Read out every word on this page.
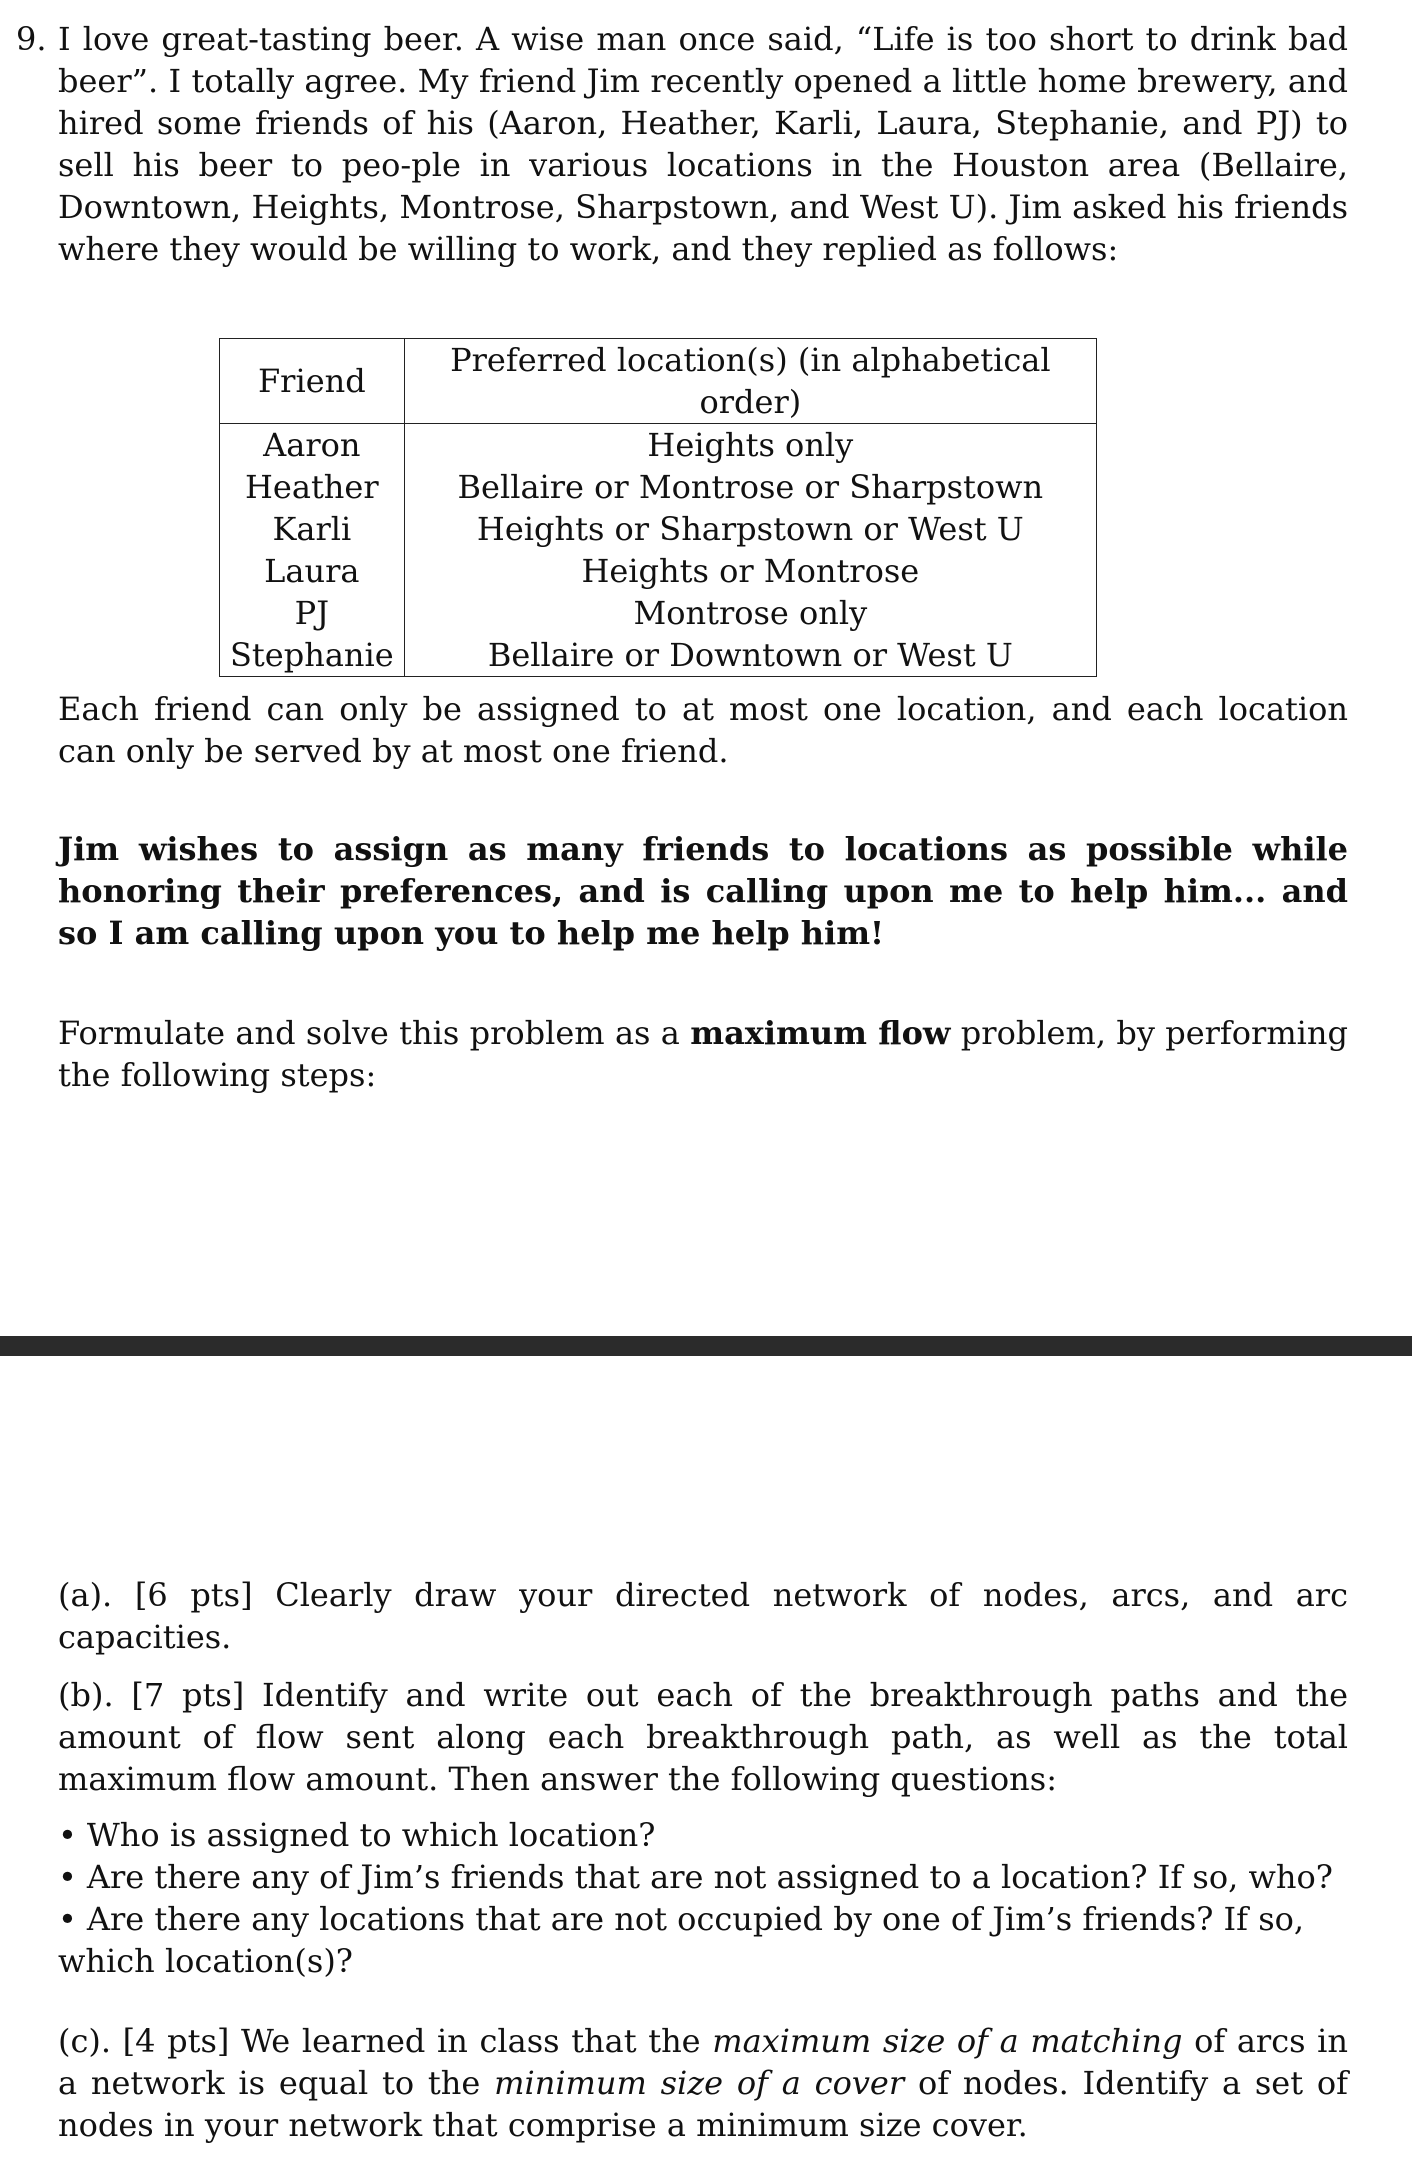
9. I love great-tasting beer. A wise man once said, “Life is too short to drink bad beer”. I totally agree. My friend Jim recently opened a little home brewery, and hired some friends of his (Aaron, Heather, Karli, Laura, Stephanie, and PJ) to sell his beer to peo-ple in various locations in the Houston area (Bellaire, Downtown, Heights, Montrose, Sharpstown, and West U). Jim asked his friends where they would be willing to work, and they replied as follows:

Friend	Preferred location(s) (in alphabetical order)
Aaron	Heights only
Heather	Bellaire or Montrose or Sharpstown
Karli	Heights or Sharpstown or West U
Laura	Heights or Montrose
PJ	Montrose only
Stephanie	Bellaire or Downtown or West U

Each friend can only be assigned to at most one location, and each location can only be served by at most one friend.

Jim wishes to assign as many friends to locations as possible while honoring their preferences, and is calling upon me to help him... and so I am calling upon you to help me help him!

Formulate and solve this problem as a maximum flow problem, by performing the following steps:

(a). [6 pts] Clearly draw your directed network of nodes, arcs, and arc capacities.

(b). [7 pts] Identify and write out each of the breakthrough paths and the amount of flow sent along each breakthrough path, as well as the total maximum flow amount. Then answer the following questions:

• Who is assigned to which location?
• Are there any of Jim’s friends that are not assigned to a location? If so, who?
• Are there any locations that are not occupied by one of Jim’s friends? If so, which location(s)?

(c). [4 pts] We learned in class that the maximum size of a matching of arcs in a network is equal to the minimum size of a cover of nodes. Identify a set of nodes in your network that comprise a minimum size cover.
